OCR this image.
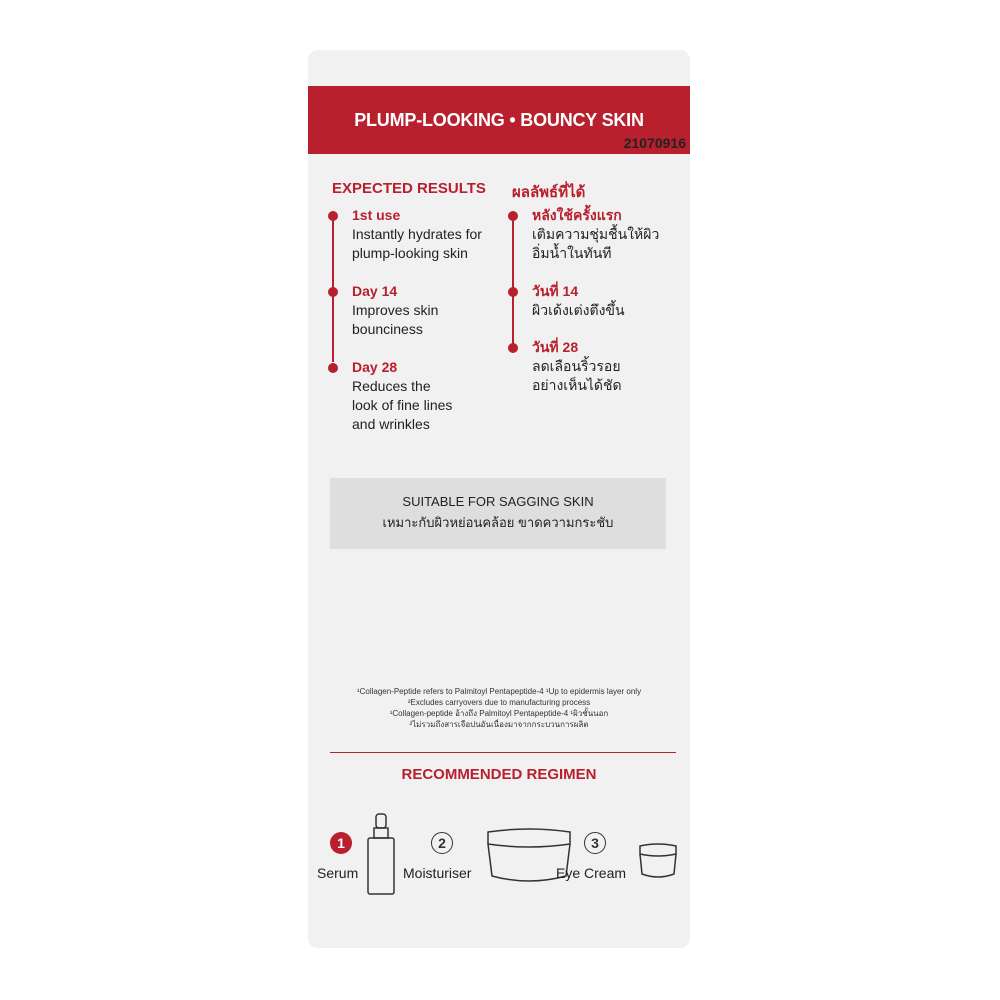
PLUMP-LOOKING • BOUNCY SKIN
21070916
EXPECTED RESULTS ผลลัพธ์ที่ได้
1st use
Instantly hydrates for
plump-looking skin
Day 14
Improves skin
bounciness
Day 28
Reduces the
look of fine lines
and wrinkles
หลังใช้ครั้งแรก
เติมความชุ่มชื้นให้ผิว
อิ่มน้ำในทันที
วันที่ 14
ผิวเด้งเต่งตึงขึ้น
วันที่ 28
ลดเลือนริ้วรอย
อย่างเห็นได้ชัด
SUITABLE FOR SAGGING SKIN
เหมาะกับผิวหย่อนคล้อย ขาดความกระชับ
¹Collagen-Peptide refers to Palmitoyl Pentapeptide-4 ¹Up to epidermis layer only
²Excludes carryovers due to manufacturing process
¹Collagen-peptide อ้างถึง Palmitoyl Pentapeptide-4 ¹ผิวชั้นนอก
²ไม่รวมถึงสารเจือปนอันเนื่องมาจากกระบวนการผลิต
RECOMMENDED REGIMEN
1
Serum
2
Moisturiser
3
Eye Cream
